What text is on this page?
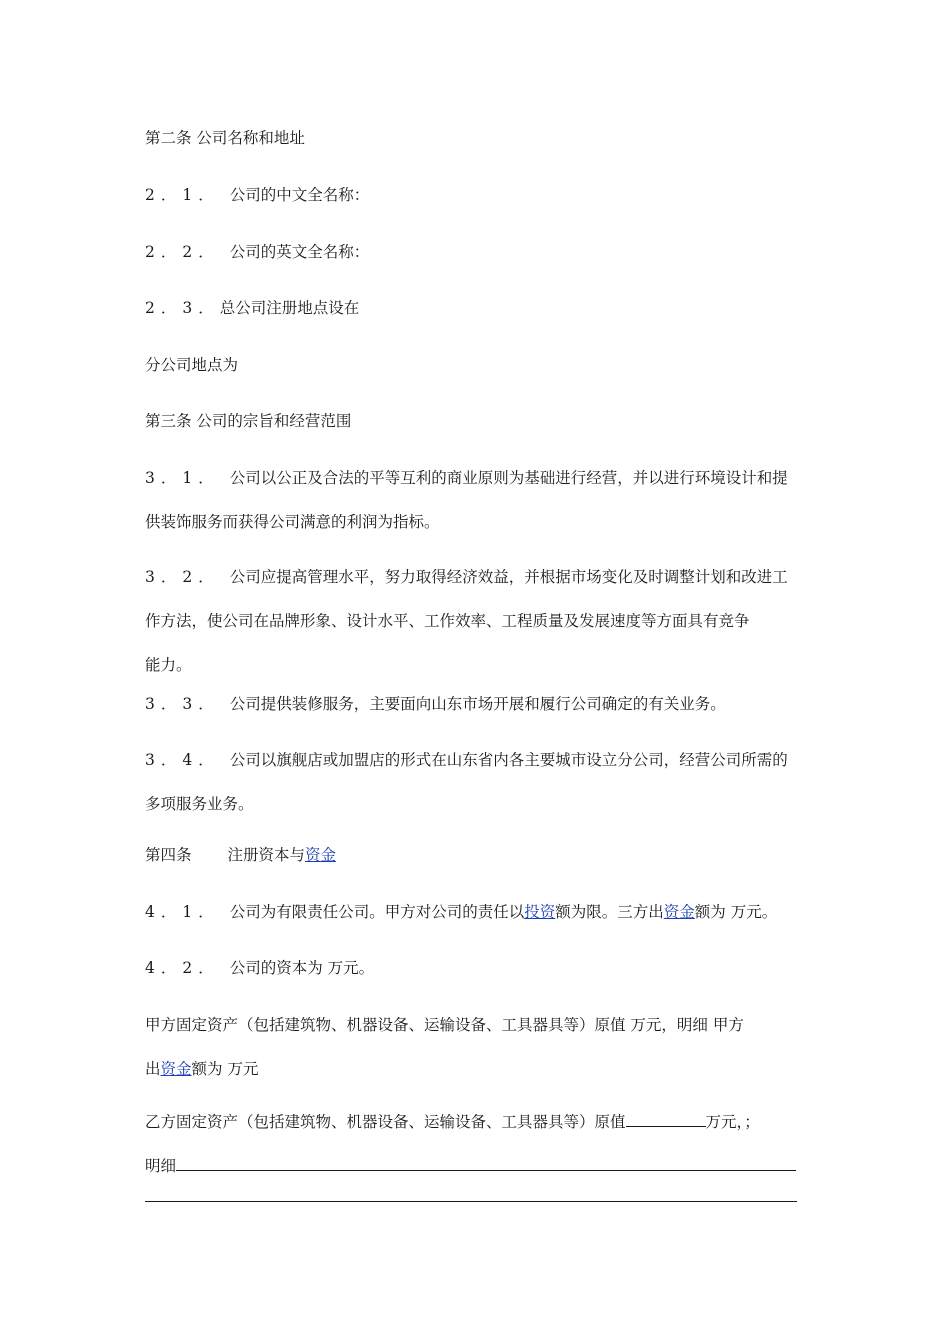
第二条 公司名称和地址
2．1． 公司的中文全名称：
2．2． 公司的英文全名称：
2．3．总公司注册地点设在
分公司地点为
第三条 公司的宗旨和经营范围
3．1． 公司以公正及合法的平等互利的商业原则为基础进行经营，并以进行环境设计和提
供装饰服务而获得公司满意的利润为指标。
3．2． 公司应提高管理水平，努力取得经济效益，并根据市场变化及时调整计划和改进工
作方法，使公司在品牌形象、设计水平、工作效率、工程质量及发展速度等方面具有竞争
能力。
3．3． 公司提供装修服务，主要面向山东市场开展和履行公司确定的有关业务。
3．4． 公司以旗舰店或加盟店的形式在山东省内各主要城市设立分公司，经营公司所需的
多项服务业务。
第四条 注册资本与资金
4．1． 公司为有限责任公司。甲方对公司的责任以投资额为限。三方出资金额为 万元。
4．2． 公司的资本为 万元。
甲方固定资产（包括建筑物、机器设备、运输设备、工具器具等）原值 万元，明细 甲方
出资金额为 万元
乙方固定资产（包括建筑物、机器设备、运输设备、工具器具等）原值	万元，；
明细
